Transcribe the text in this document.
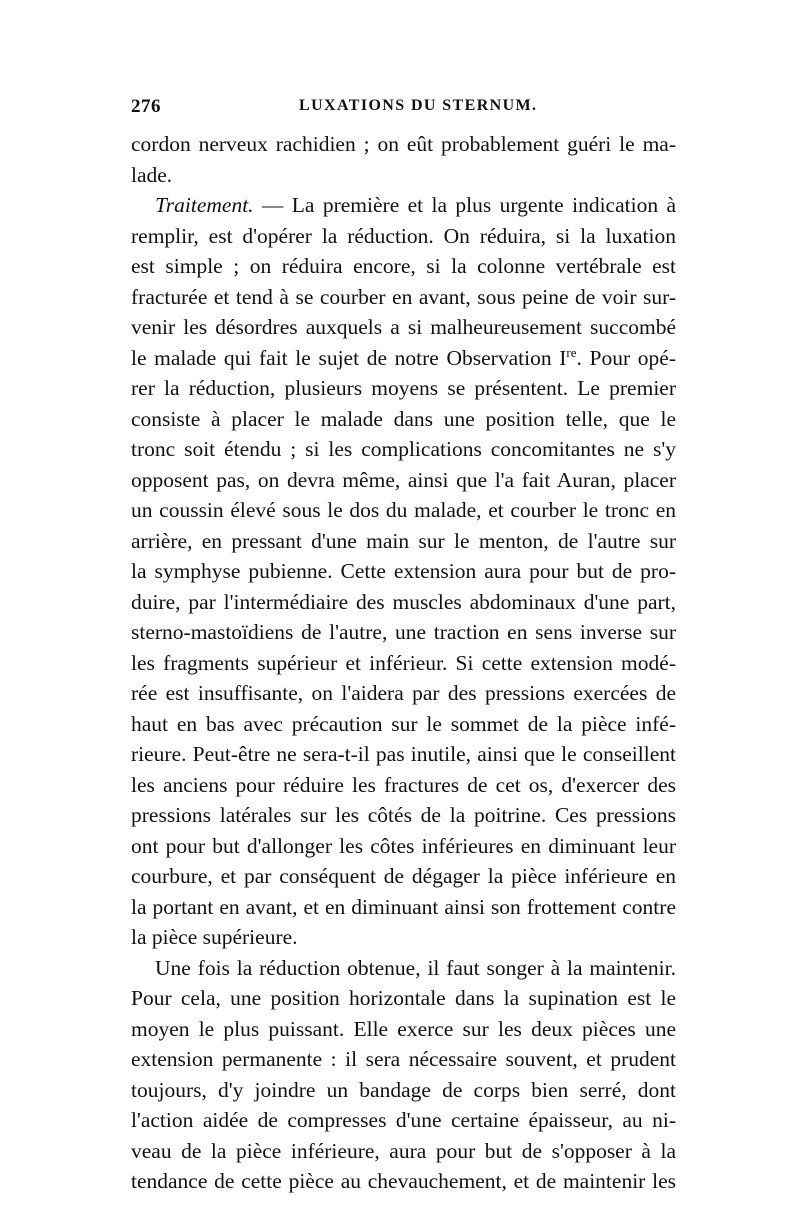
276	LUXATIONS DU STERNUM.
cordon nerveux rachidien ; on eût probablement guéri le ma-
lade.
Traitement. — La première et la plus urgente indication à
remplir, est d'opérer la réduction. On réduira, si la luxation
est simple ; on réduira encore, si la colonne vertébrale est
fracturée et tend à se courber en avant, sous peine de voir sur-
venir les désordres auxquels a si malheureusement succombé
le malade qui fait le sujet de notre Observation Ire. Pour opé-
rer la réduction, plusieurs moyens se présentent. Le premier
consiste à placer le malade dans une position telle, que le
tronc soit étendu ; si les complications concomitantes ne s'y
opposent pas, on devra même, ainsi que l'a fait Auran, placer
un coussin élevé sous le dos du malade, et courber le tronc en
arrière, en pressant d'une main sur le menton, de l'autre sur
la symphyse pubienne. Cette extension aura pour but de pro-
duire, par l'intermédiaire des muscles abdominaux d'une part,
sterno-mastoïdiens de l'autre, une traction en sens inverse sur
les fragments supérieur et inférieur. Si cette extension modé-
rée est insuffisante, on l'aidera par des pressions exercées de
haut en bas avec précaution sur le sommet de la pièce infé-
rieure. Peut-être ne sera-t-il pas inutile, ainsi que le conseillent
les anciens pour réduire les fractures de cet os, d'exercer des
pressions latérales sur les côtés de la poitrine. Ces pressions
ont pour but d'allonger les côtes inférieures en diminuant leur
courbure, et par conséquent de dégager la pièce inférieure en
la portant en avant, et en diminuant ainsi son frottement contre
la pièce supérieure.
Une fois la réduction obtenue, il faut songer à la maintenir.
Pour cela, une position horizontale dans la supination est le
moyen le plus puissant. Elle exerce sur les deux pièces une
extension permanente : il sera nécessaire souvent, et prudent
toujours, d'y joindre un bandage de corps bien serré, dont
l'action aidée de compresses d'une certaine épaisseur, au ni-
veau de la pièce inférieure, aura pour but de s'opposer à la
tendance de cette pièce au chevauchement, et de maintenir les
